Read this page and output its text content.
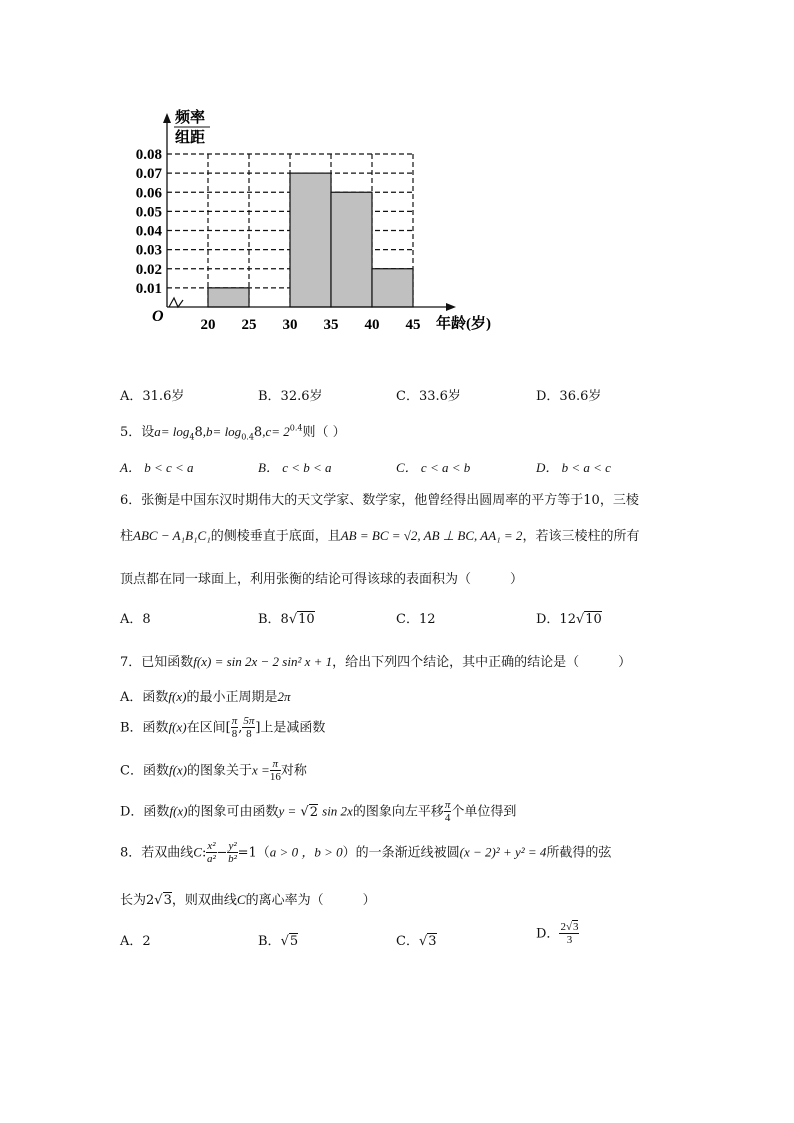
0.08
0.07
0.06
0.05
0.04
0.03
0.02
0.01
20 25 30 35 40 45
O
频率
组距
年龄(岁)
A．31.6岁	B．32.6岁	C．33.6岁	D．36.6岁
5．设$a= \log_48,b= \log_{0.4}8,c= 2^{0.4}$则（ ）
A． b < c < a	B． c < b < a	C． c < a < b	D． b < a < c
6．张衡是中国东汉时期伟大的天文学家、数学家，他曾经得出圆周率的平方等于10，三棱
柱ABC − A₁B₁C₁的侧棱垂直于底面，且AB = BC = √2, AB ⊥ BC, AA₁ = 2，若该三棱柱的所有
顶点都在同一球面上，利用张衡的结论可得该球的表面积为（　　　）
A．8	B．8√10	C．12	D．12√10
7．已知函数f(x) = sin 2x − 2 sin² x + 1，给出下列四个结论，其中正确的结论是（　　　）
A．函数f(x)的最小正周期是2π
B．函数f(x)在区间[ $\frac{\pi}{8}$ , $\frac{5\pi}{8}$ ]上是减函数
C．函数f(x)的图象关于$x = \frac{\pi}{16}$ 对称
D．函数f(x)的图象可由函数y = √2 sin 2x的图象向左平移 $\frac{\pi}{4}$ 个单位得到
8．若双曲线C: $\frac{\text{x²}}{\text{a²}} - \frac{\text{y²}}{\text{b²}} =1(a > 0$ ，b > 0）的一条渐近线被圆(x − 2)² + y² = 4所截得的弦
长为2√3，则双曲线C的离心率为（　　　）
A．2	B．√5	C．√3	D． $\frac{2√3}{3}$
